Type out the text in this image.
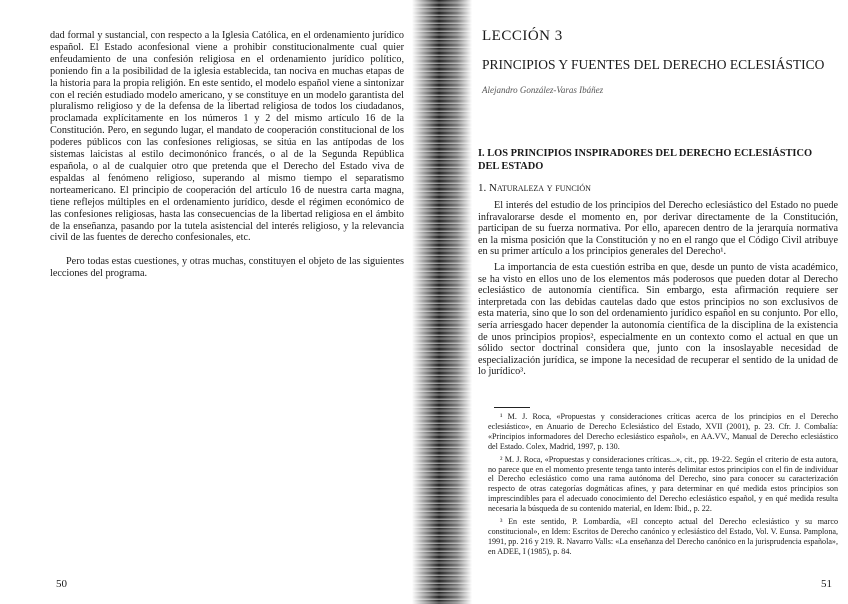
dad formal y sustancial, con respecto a la Iglesia Católica, en el ordenamiento jurídico español. El Estado aconfesional viene a prohibir constitucionalmente cual quier enfeudamiento de una confesión religiosa en el ordenamiento jurídico político, poniendo fin a la posibilidad de la iglesia establecida, tan nociva en muchas etapas de la historia para la propia religión. En este sentido, el modelo español viene a sintonizar con el recién estudiado modelo americano, y se constituye en un modelo garantista del pluralismo religioso y de la defensa de la libertad religiosa de todos los ciudadanos, proclamada explícitamente en los números 1 y 2 del mismo artículo 16 de la Constitución. Pero, en segundo lugar, el mandato de cooperación constitucional de los poderes públicos con las confesiones religiosas, se sitúa en las antípodas de los sistemas laicistas al estilo decimonónico francés, o al de la Segunda República española, o al de cualquier otro que pretenda que el Derecho del Estado viva de espaldas al fenómeno religioso, superando al mismo tiempo el separatismo norteamericano. El principio de cooperación del artículo 16 de nuestra carta magna, tiene reflejos múltiples en el ordenamiento jurídico, desde el régimen económico de las confesiones religiosas, hasta las consecuencias de la libertad religiosa en el ámbito de la enseñanza, pasando por la tutela asistencial del interés religioso, y la relevancia civil de las fuentes de derecho confesionales, etc.

Pero todas estas cuestiones, y otras muchas, constituyen el objeto de las siguientes lecciones del programa.

50
LECCIÓN 3
PRINCIPIOS Y FUENTES DEL DERECHO ECLESIÁSTICO
Alejandro González-Varas Ibáñez
I. LOS PRINCIPIOS INSPIRADORES DEL DERECHO ECLESIÁSTICO DEL ESTADO
1. Naturaleza y función

El interés del estudio de los principios del Derecho eclesiástico del Estado no puede infravalorarse desde el momento en, por derivar directamente de la Constitución, participan de su fuerza normativa. Por ello, aparecen dentro de la jerarquía normativa en la misma posición que la Constitución y no en el rango que el Código Civil atribuye en su primer artículo a los principios generales del Derecho¹.

La importancia de esta cuestión estriba en que, desde un punto de vista académico, se ha visto en ellos uno de los elementos más poderosos que pueden dotar al Derecho eclesiástico de autonomía científica. Sin embargo, esta afirmación requiere ser interpretada con las debidas cautelas dado que estos principios no son exclusivos de esta materia, sino que lo son del ordenamiento jurídico español en su conjunto. Por ello, sería arriesgado hacer depender la autonomía científica de la disciplina de la existencia de unos principios propios², especialmente en un contexto como el actual en que un sólido sector doctrinal considera que, junto con la insoslayable necesidad de especialización jurídica, se impone la necesidad de recuperar el sentido de la unidad de lo jurídico³.

¹ M. J. Roca, «Propuestas y consideraciones críticas acerca de los principios en el Derecho eclesiástico», en Anuario de Derecho Eclesiástico del Estado, XVII (2001), p. 23. Cfr. J. Combalía: «Principios informadores del Derecho eclesiástico español», en AA.VV., Manual de Derecho eclesiástico del Estado. Colex, Madrid, 1997, p. 130.

² M. J. Roca, «Propuestas y consideraciones críticas...», cit., pp. 19-22. Según el criterio de esta autora, no parece que en el momento presente tenga tanto interés delimitar estos principios con el fin de individuar el Derecho eclesiástico como una rama autónoma del Derecho, sino para conocer su caracterización respecto de otras categorías dogmáticas afines, y para determinar en qué medida estos principios son imprescindibles para el adecuado conocimiento del Derecho eclesiástico español, y en qué medida resulta necesaria la búsqueda de su contenido material, en Idem: Ibid., p. 22.

³ En este sentido, P. Lombardía, «El concepto actual del Derecho eclesiástico y su marco constitucional», en Idem: Escritos de Derecho canónico y eclesiástico del Estado, Vol. V. Eunsa. Pamplona, 1991, pp. 216 y 219. R. Navarro Valls: «La enseñanza del Derecho canónico en la jurisprudencia española», en ADEE, I (1985), p. 84.

51
